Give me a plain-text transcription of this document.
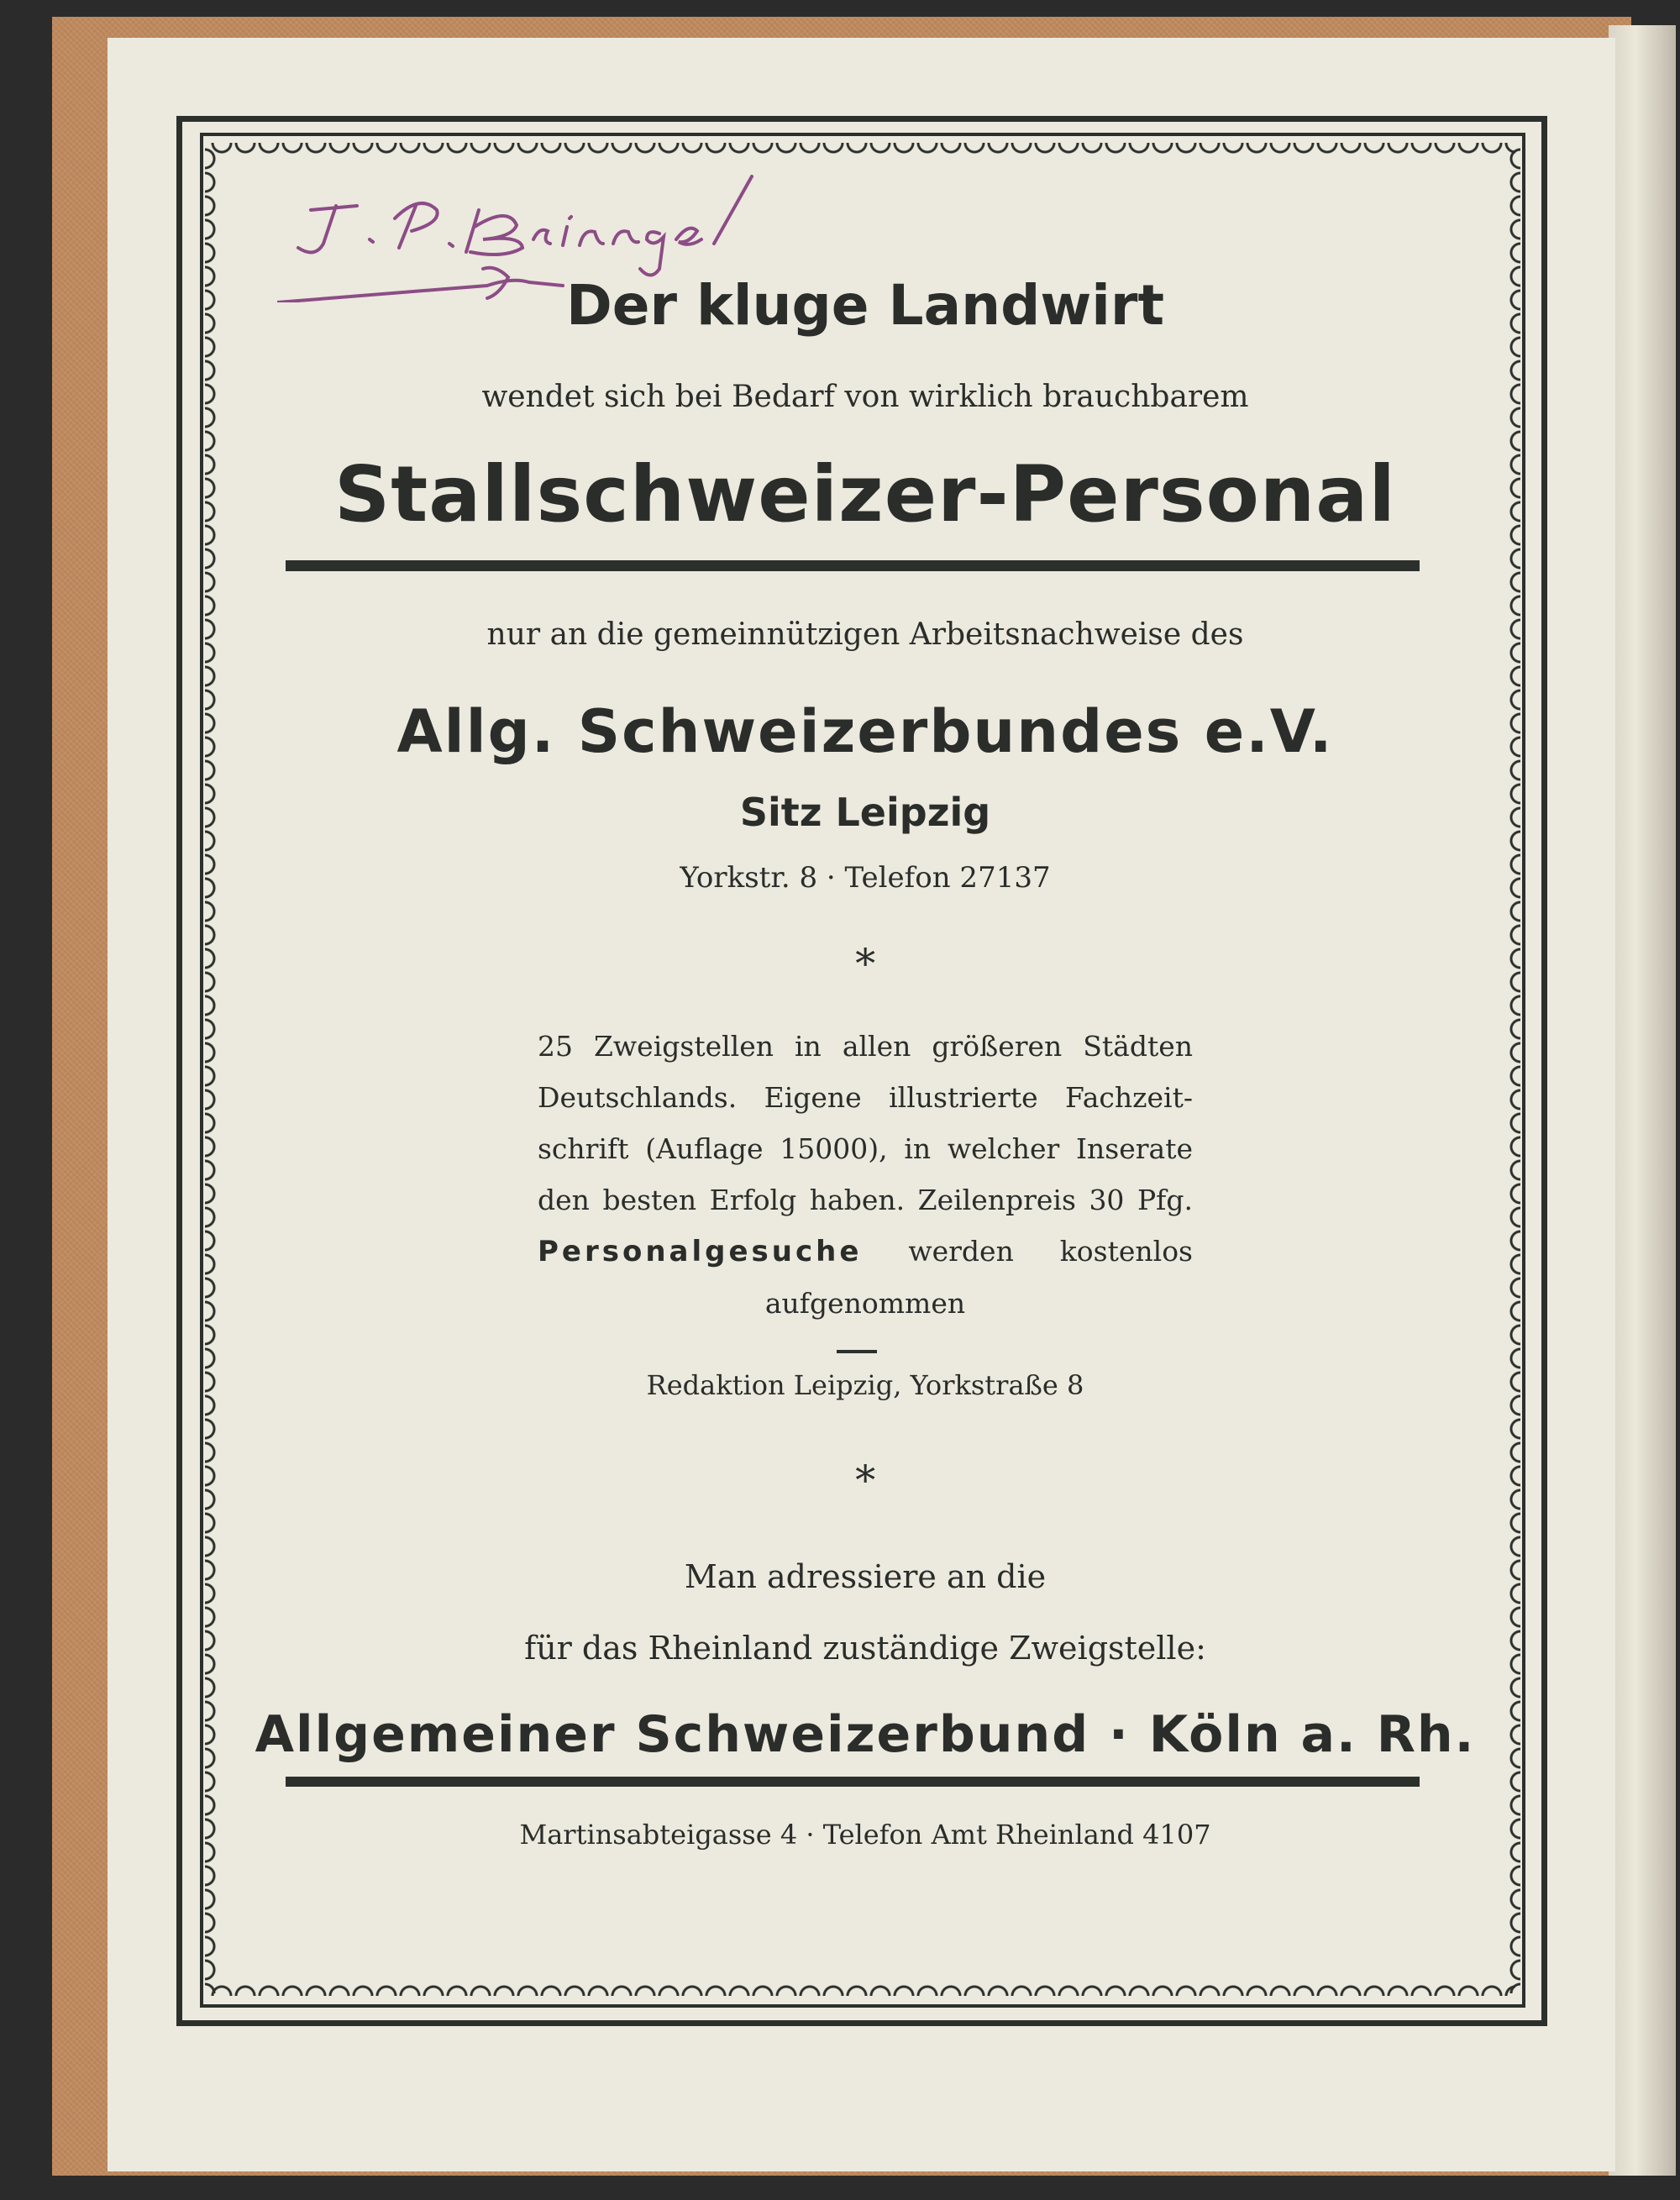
Der kluge Landwirt

wendet sich bei Bedarf von wirklich brauchbarem

Stallschweizer-Personal

nur an die gemeinnützigen Arbeitsnachweise des

Allg. Schweizerbundes e.V.

Sitz Leipzig

Yorkstr. 8 · Telefon 27137

∗

25 Zweigstellen in allen größeren Städten
Deutschlands. Eigene illustrierte Fachzeit-
schrift (Auflage 15000), in welcher Inserate
den besten Erfolg haben. Zeilenpreis 30 Pfg.
Personalgesuche werden kostenlos
aufgenommen

Redaktion Leipzig, Yorkstraße 8

∗

Man adressiere an die

für das Rheinland zuständige Zweigstelle:

Allgemeiner Schweizerbund · Köln a. Rh.

Martinsabteigasse 4 · Telefon Amt Rheinland 4107
